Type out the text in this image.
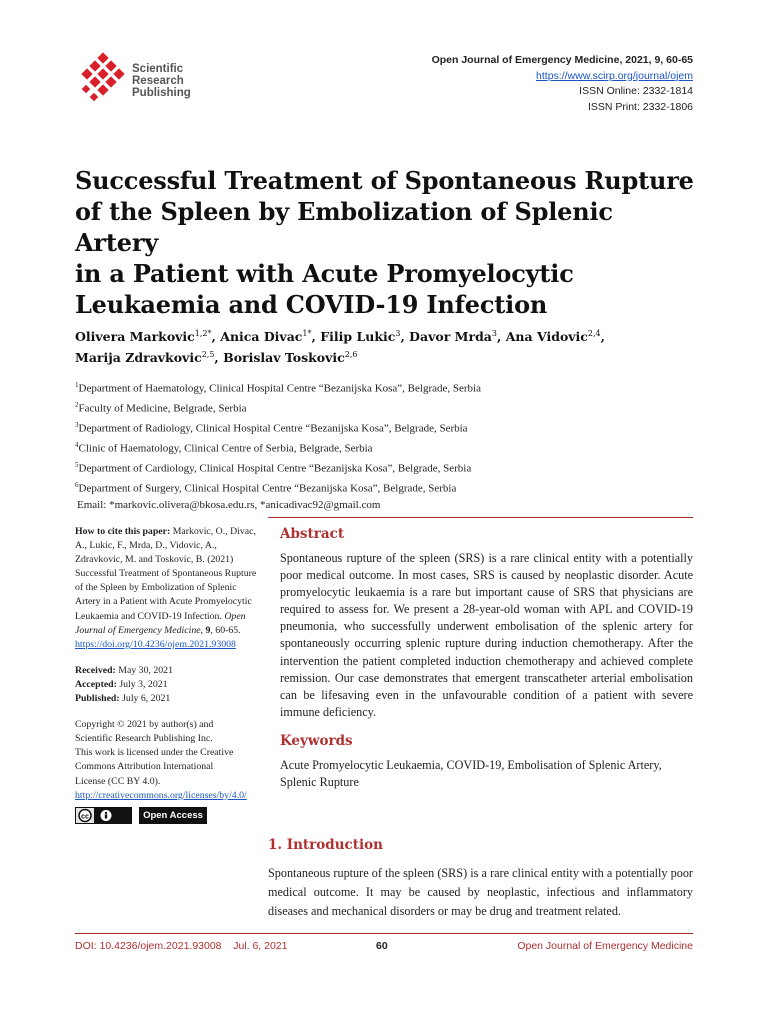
Scientific
Research
Publishing
Open Journal of Emergency Medicine, 2021, 9, 60-65
https://www.scirp.org/journal/ojem
ISSN Online: 2332-1814
ISSN Print: 2332-1806
Successful Treatment of Spontaneous Rupture
of the Spleen by Embolization of Splenic Artery
in a Patient with Acute Promyelocytic
Leukaemia and COVID-19 Infection
Olivera Markovic$^{1,2*}$, Anica Divac$^{1*}$, Filip Lukic$^3$, Davor Mrda$^3$, Ana Vidovic$^{2,4}$,
Marija Zdravkovic$^{2,5}$, Borislav Toskovic$^{2,6}$
$^1$Department of Haematology, Clinical Hospital Centre “Bezanijska Kosa”, Belgrade, Serbia
$^2$Faculty of Medicine, Belgrade, Serbia
$^3$Department of Radiology, Clinical Hospital Centre “Bezanijska Kosa”, Belgrade, Serbia
$^4$Clinic of Haematology, Clinical Centre of Serbia, Belgrade, Serbia
$^5$Department of Cardiology, Clinical Hospital Centre “Bezanijska Kosa”, Belgrade, Serbia
$^6$Department of Surgery, Clinical Hospital Centre “Bezanijska Kosa”, Belgrade, Serbia
Email: *markovic.olivera@bkosa.edu.rs, *anicadivac92@gmail.com
How to cite this paper: Markovic, O., Divac, A., Lukic, F., Mrda, D., Vidovic, A., Zdravkovic, M. and Toskovic, B. (2021) Successful Treatment of Spontaneous Rupture of the Spleen by Embolization of Splenic Artery in a Patient with Acute Promyelocytic Leukaemia and COVID-19 Infection. Open Journal of Emergency Medicine, 9, 60-65.
https://doi.org/10.4236/ojem.2021.93008
Received: May 30, 2021
Accepted: July 3, 2021
Published: July 6, 2021
Copyright © 2021 by author(s) and
Scientific Research Publishing Inc.
This work is licensed under the Creative
Commons Attribution International
License (CC BY 4.0).
http://creativecommons.org/licenses/by/4.0/
cc	Open Access
Abstract
Spontaneous rupture of the spleen (SRS) is a rare clinical entity with a potentially poor medical outcome. In most cases, SRS is caused by neoplastic disorder. Acute promyelocytic leukaemia is a rare but important cause of SRS that physicians are required to assess for. We present a 28-year-old woman with APL and COVID-19 pneumonia, who successfully underwent embolisation of the splenic artery for spontaneously occurring splenic rupture during induction chemotherapy. After the intervention the patient completed induction chemotherapy and achieved complete remission. Our case demonstrates that emergent transcatheter arterial embolisation can be lifesaving even in the unfavourable condition of a patient with severe immune deficiency.
Keywords
Acute Promyelocytic Leukaemia, COVID-19, Embolisation of Splenic Artery, Splenic Rupture
1. Introduction
Spontaneous rupture of the spleen (SRS) is a rare clinical entity with a potentially poor medical outcome. It may be caused by neoplastic, infectious and inflammatory diseases and mechanical disorders or may be drug and treatment related.
DOI: 10.4236/ojem.2021.93008    Jul. 6, 2021	60	Open Journal of Emergency Medicine
